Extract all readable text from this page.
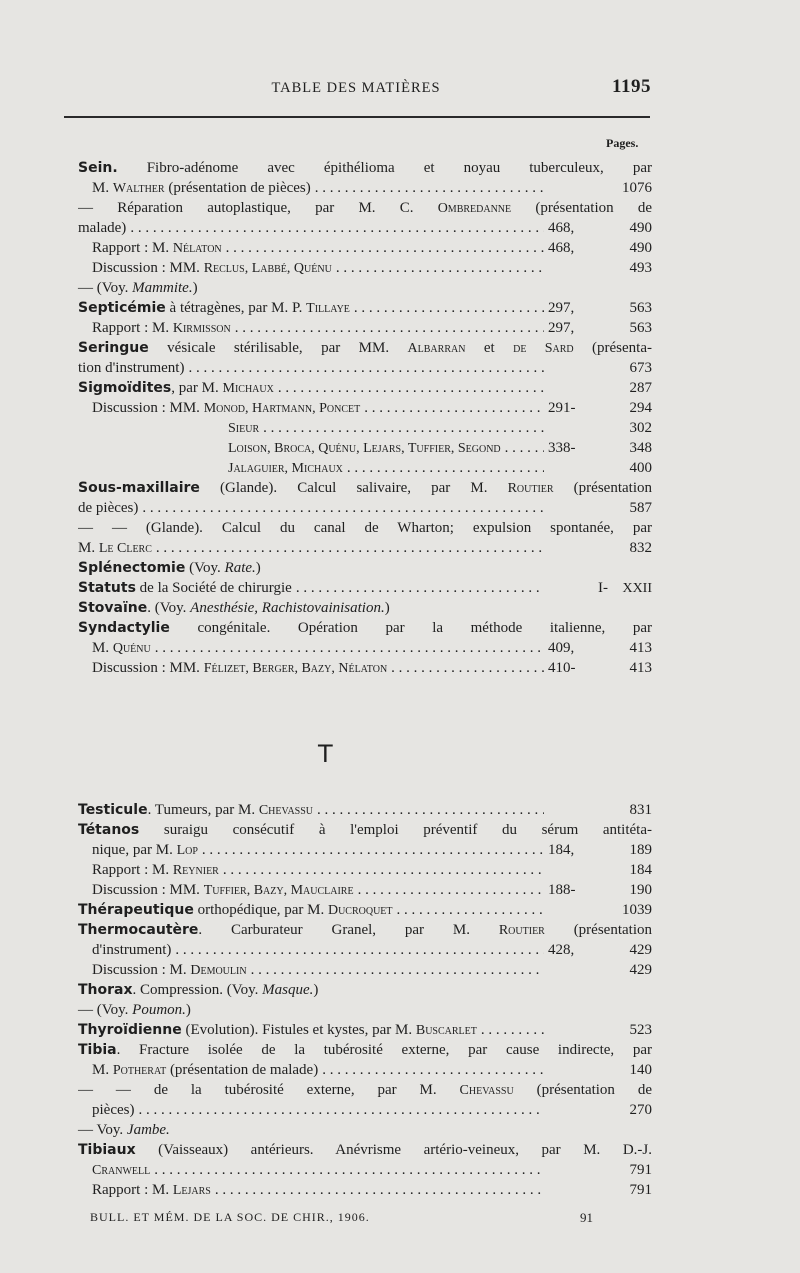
TABLE DES MATIÈRES	1195
Pages.
Sein. Fibro-adénome avec épithélioma et noyau tuberculeux, par
M. Walther (présentation de pièces) . . .	1076
— Réparation autoplastique, par M. C. Ombredanne (présentation de
malade) . . .	468,	490
Rapport : M. Nélaton . . .	468,	490
Discussion : MM. Reclus, Labbé, Quénu . . .	493
— (Voy. Mammite.)
Septicémie à tétragènes, par M. P. Tillaye . . .	297,	563
Rapport : M. Kirmisson . . .	297,	563
Seringue vésicale stérilisable, par MM. Albarran et de Sard (présenta-
tion d'instrument) . . .	673
Sigmoïdites, par M. Michaux . . .	287
Discussion : MM. Monod, Hartmann, Poncet . . .	291-	294
Sieur . . .	302
Loison, Broca, Quénu, Lejars, Tuffier, Segond . . .	338-	348
Jalaguier, Michaux . . .	400
Sous-maxillaire (Glande). Calcul salivaire, par M. Routier (présentation
de pièces) . . .	587
— — (Glande). Calcul du canal de Wharton; expulsion spontanée, par
M. Le Clerc . . .	832
Splénectomie (Voy. Rate.)
Statuts de la Société de chirurgie . . .	I-	XXII
Stovaïne. (Voy. Anesthésie, Rachistovainisation.)
Syndactylie congénitale. Opération par la méthode italienne, par
M. Quénu . . .	409,	413
Discussion : MM. Félizet, Berger, Bazy, Nélaton . . .	410-	413
T
Testicule. Tumeurs, par M. Chevassu . . .	831
Tétanos suraigu consécutif à l'emploi préventif du sérum antitéta-
nique, par M. Lop . . .	184,	189
Rapport : M. Reynier . . .	184
Discussion : MM. Tuffier, Bazy, Mauclaire . . .	188-	190
Thérapeutique orthopédique, par M. Ducroquet . . .	1039
Thermocautère. Carburateur Granel, par M. Routier (présentation
d'instrument) . . .	428,	429
Discussion : M. Demoulin . . .	429
Thorax. Compression. (Voy. Masque.)
— (Voy. Poumon.)
Thyroïdienne (Evolution). Fistules et kystes, par M. Buscarlet . . .	523
Tibia. Fracture isolée de la tubérosité externe, par cause indirecte, par
M. Potherat (présentation de malade) . . .	140
— — de la tubérosité externe, par M. Chevassu (présentation de
pièces) . . .	270
— Voy. Jambe.
Tibiaux (Vaisseaux) antérieurs. Anévrisme artério-veineux, par M. D.-J.
Cranwell . . .	791
Rapport : M. Lejars . . .	791
BULL. ET MÉM. DE LA SOC. DE CHIR., 1906.	91
